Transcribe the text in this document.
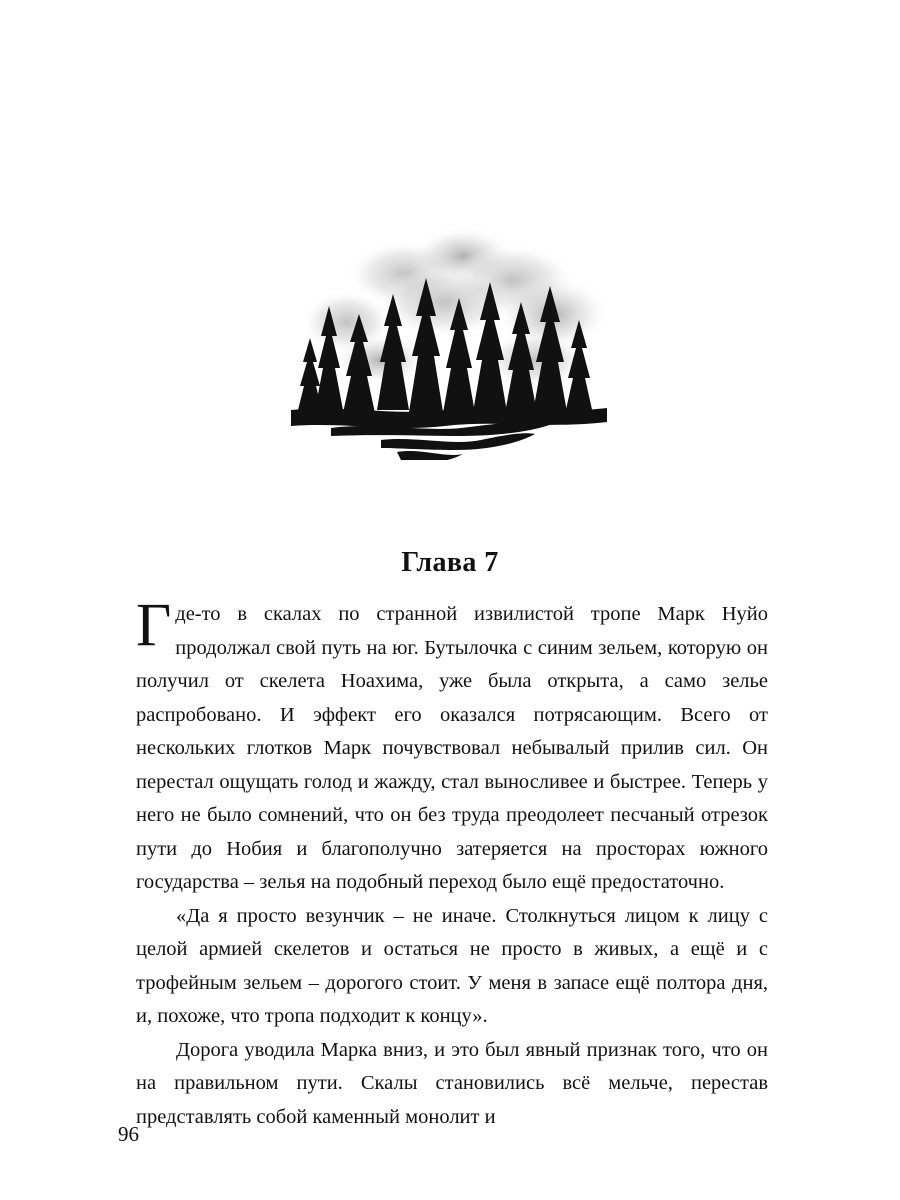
Глава 7

Где-то в скалах по странной извилистой тропе Марк Нуйо продолжал свой путь на юг. Бутылочка с синим зельем, которую он получил от скелета Ноахима, уже была открыта, а само зелье распробовано. И эффект его оказался потрясающим. Всего от нескольких глотков Марк почувствовал небывалый прилив сил. Он перестал ощущать голод и жажду, стал выносливее и быстрее. Теперь у него не было сомнений, что он без труда преодолеет песчаный отрезок пути до Нобия и благополучно затеряется на просторах южного государства – зелья на подобный переход было ещё предостаточно.

«Да я просто везунчик – не иначе. Столкнуться лицом к лицу с целой армией скелетов и остаться не просто в живых, а ещё и с трофейным зельем – дорогого стоит. У меня в запасе ещё полтора дня, и, похоже, что тропа подходит к концу».

Дорога уводила Марка вниз, и это был явный признак того, что он на правильном пути. Скалы становились всё мельче, перестав представлять собой каменный монолит и

96
